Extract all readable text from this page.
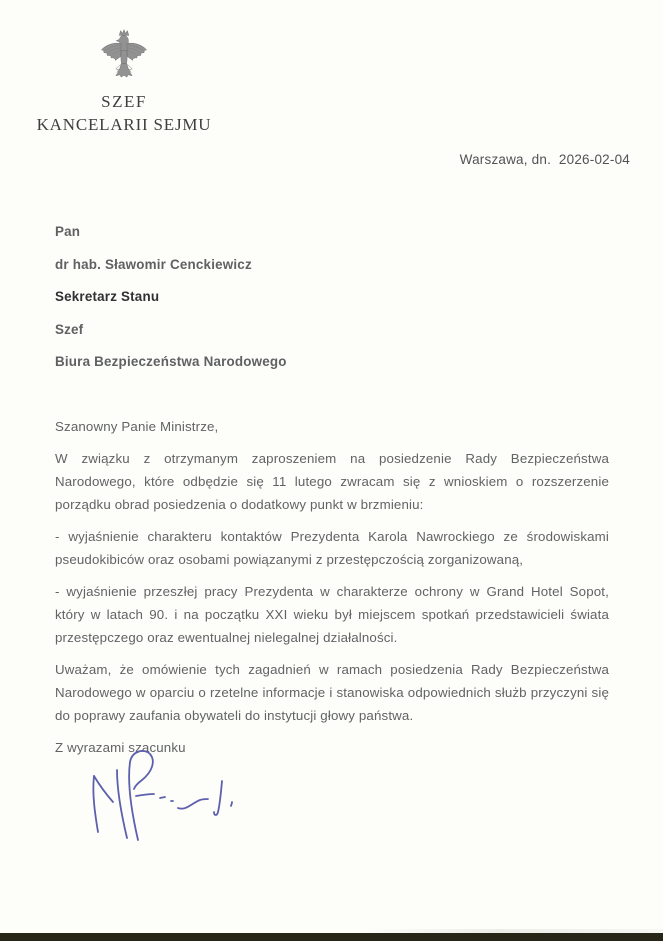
SZEF
KANCELARII SEJMU
Warszawa, dn.  2026-02-04
Pan
dr hab. Sławomir Cenckiewicz
Sekretarz Stanu
Szef
Biura Bezpieczeństwa Narodowego

Szanowny Panie Ministrze,

W związku z otrzymanym zaproszeniem na posiedzenie Rady Bezpieczeństwa Narodowego, które odbędzie się 11 lutego zwracam się z wnioskiem o rozszerzenie porządku obrad posiedzenia o dodatkowy punkt w brzmieniu:

- wyjaśnienie charakteru kontaktów Prezydenta Karola Nawrockiego ze środowiskami pseudokibiców oraz osobami powiązanymi z przestępczością zorganizowaną,

- wyjaśnienie przeszłej pracy Prezydenta w charakterze ochrony w Grand Hotel Sopot, który w latach 90. i na początku XXI wieku był miejscem spotkań przedstawicieli świata przestępczego oraz ewentualnej nielegalnej działalności.

Uważam, że omówienie tych zagadnień w ramach posiedzenia Rady Bezpieczeństwa Narodowego w oparciu o rzetelne informacje i stanowiska odpowiednich służb przyczyni się do poprawy zaufania obywateli do instytucji głowy państwa.

Z wyrazami szacunku
